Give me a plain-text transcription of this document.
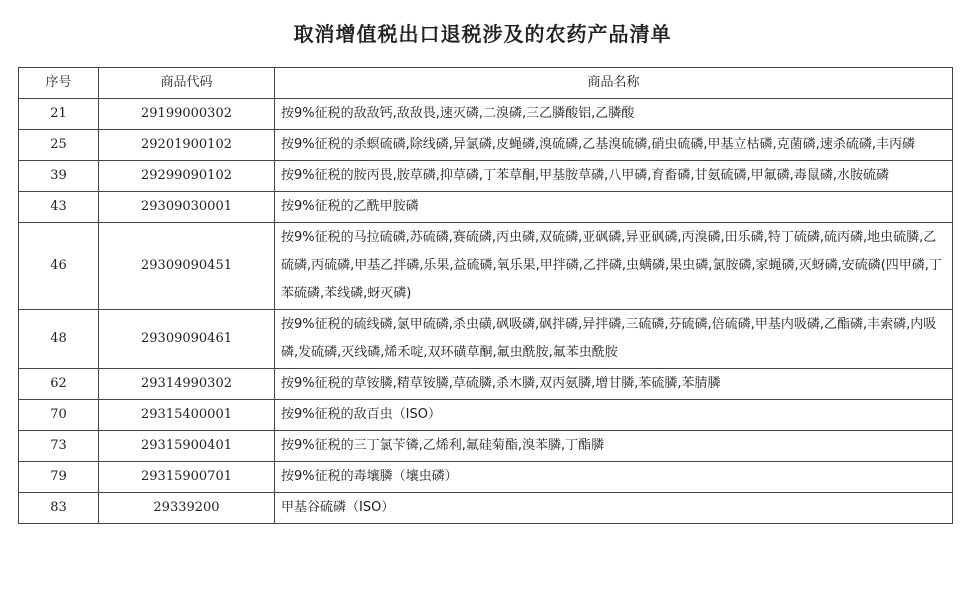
取消增值税出口退税涉及的农药产品清单
序号	商品代码	商品名称
21	29199000302	按9%征税的敌敌钙,敌敌畏,速灭磷,二溴磷,三乙膦酸铝,乙膦酸
25	29201900102	按9%征税的杀螟硫磷,除线磷,异氯磷,皮蝇磷,溴硫磷,乙基溴硫磷,硝虫硫磷,甲基立枯磷,克菌磷,速杀硫磷,丰丙磷
39	29299090102	按9%征税的胺丙畏,胺草磷,抑草磷,丁苯草酮,甲基胺草磷,八甲磷,育畜磷,甘氨硫磷,甲氟磷,毒鼠磷,水胺硫磷
43	29309030001	按9%征税的乙酰甲胺磷
46	29309090451	按9%征税的马拉硫磷,苏硫磷,赛硫磷,丙虫磷,双硫磷,亚砜磷,异亚砜磷,丙溴磷,田乐磷,特丁硫磷,硫丙磷,地虫硫膦,乙硫磷,丙硫磷,甲基乙拌磷,乐果,益硫磷,氧乐果,甲拌磷,乙拌磷,虫螨磷,果虫磷,氯胺磷,家蝇磷,灭蚜磷,安硫磷(四甲磷,丁苯硫磷,苯线磷,蚜灭磷)
48	29309090461	按9%征税的硫线磷,氯甲硫磷,杀虫磺,砜吸磷,砜拌磷,异拌磷,三硫磷,芬硫磷,倍硫磷,甲基内吸磷,乙酯磷,丰索磷,内吸磷,发硫磷,灭线磷,烯禾啶,双环磺草酮,氟虫酰胺,氟苯虫酰胺
62	29314990302	按9%征税的草铵膦,精草铵膦,草硫膦,杀木膦,双丙氨膦,增甘膦,苯硫膦,苯腈膦
70	29315400001	按9%征税的敌百虫（ISO）
73	29315900401	按9%征税的三丁氯苄𬭸,乙烯利,氟硅菊酯,溴苯膦,丁酯膦
79	29315900701	按9%征税的毒壤膦（壤虫磷）
83	29339200	甲基谷硫磷（ISO）
